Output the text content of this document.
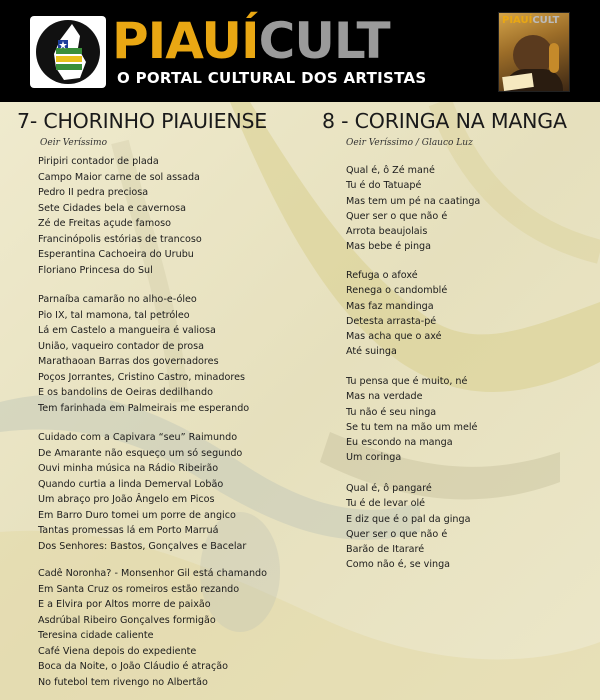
PIAUÍCULT
O PORTAL CULTURAL DOS ARTISTAS
PIAUÍCULT
7- CHORINHO PIAUIENSE
Oeir Veríssimo
Piripiri contador de plada
Campo Maior carne de sol assada
Pedro II pedra preciosa
Sete Cidades bela e cavernosa
Zé de Freitas açude famoso
Francinópolis estórias de trancoso
Esperantina Cachoeira do Urubu
Floriano Princesa do Sul
Parnaíba camarão no alho-e-óleo
Pio IX, tal mamona, tal petróleo
Lá em Castelo a mangueira é valiosa
União, vaqueiro contador de prosa
Marathaoan Barras dos governadores
Poços Jorrantes, Cristino Castro, minadores
E os bandolins de Oeiras dedilhando
Tem farinhada em Palmeirais me esperando
Cuidado com a Capivara “seu” Raimundo
De Amarante não esqueço um só segundo
Ouvi minha música na Rádio Ribeirão
Quando curtia a linda Demerval Lobão
Um abraço pro João Ângelo em Picos
Em Barro Duro tomei um porre de angico
Tantas promessas lá em Porto Marruá
Dos Senhores: Bastos, Gonçalves e Bacelar
Cadê Noronha? - Monsenhor Gil está chamando
Em Santa Cruz os romeiros estão rezando
E a Elvira por Altos morre de paixão
Asdrúbal Ribeiro Gonçalves formigão
Teresina cidade caliente
Café Viena depois do expediente
Boca da Noite, o João Cláudio é atração
No futebol tem rivengo no Albertão
8 - CORINGA NA MANGA
Oeir Veríssimo / Glauco Luz
Qual é, ô Zé mané
Tu é do Tatuapé
Mas tem um pé na caatinga
Quer ser o que não é
Arrota beaujolais
Mas bebe é pinga
Refuga o afoxé
Renega o candomblé
Mas faz mandinga
Detesta arrasta-pé
Mas acha que o axé
Até suinga
Tu pensa que é muito, né
Mas na verdade
Tu não é seu ninga
Se tu tem na mão um melé
Eu escondo na manga
Um coringa
Qual é, ô pangaré
Tu é de levar olé
E diz que é o pal da ginga
Quer ser o que não é
Barão de Itararé
Como não é, se vinga
